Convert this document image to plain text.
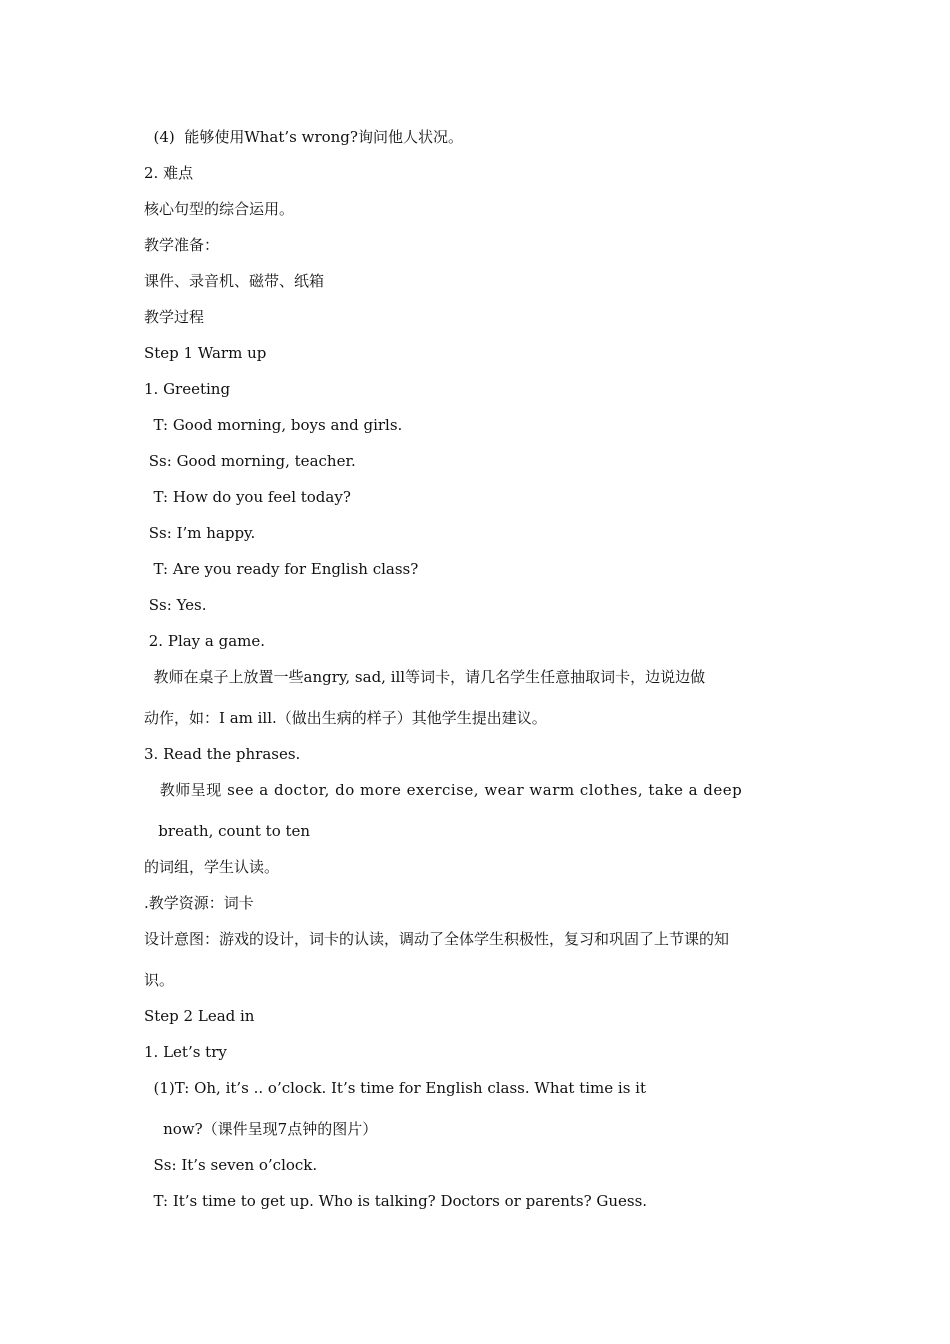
(4)  能够使用What’s wrong?询问他人状况。
2. 难点
核心句型的综合运用。
教学准备：
课件、录音机、磁带、纸箱
教学过程
Step 1 Warm up
1. Greeting
T: Good morning, boys and girls.
Ss: Good morning, teacher.
T: How do you feel today?
Ss: I’m happy.
T: Are you ready for English class?
Ss: Yes.
2. Play a game.
教师在桌子上放置一些angry, sad, ill等词卡，请几名学生任意抽取词卡，边说边做
动作，如：I am ill.（做出生病的样子）其他学生提出建议。
3. Read the phrases.
教师呈现 see a doctor, do more exercise, wear warm clothes, take a deep
breath, count to ten
的词组，学生认读。
.教学资源：词卡
设计意图：游戏的设计，词卡的认读，调动了全体学生积极性，复习和巩固了上节课的知
识。
Step 2 Lead in
1. Let’s try
(1)T: Oh, it’s .. o’clock. It’s time for English class. What time is it
now?（课件呈现7点钟的图片）
Ss: It’s seven o’clock.
T: It’s time to get up. Who is talking? Doctors or parents? Guess.
